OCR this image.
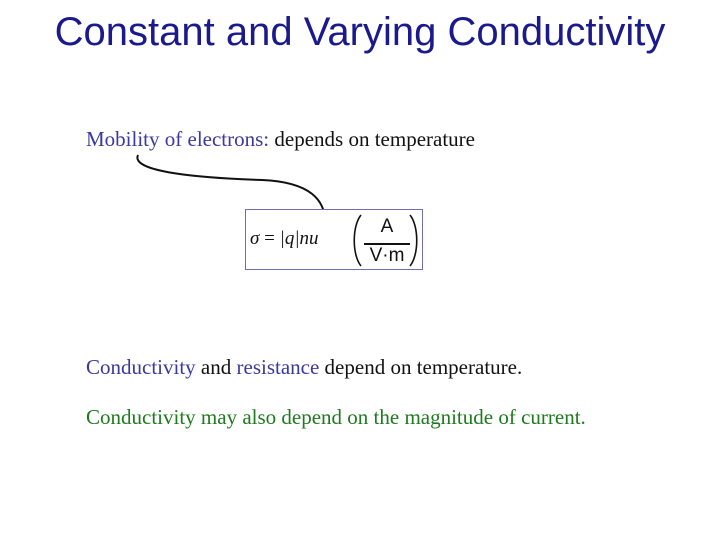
Constant and Varying Conductivity
Mobility of electrons: depends on temperature
σ = |q|nu
A
V·m
Conductivity and resistance depend on temperature.
Conductivity may also depend on the magnitude of current.
